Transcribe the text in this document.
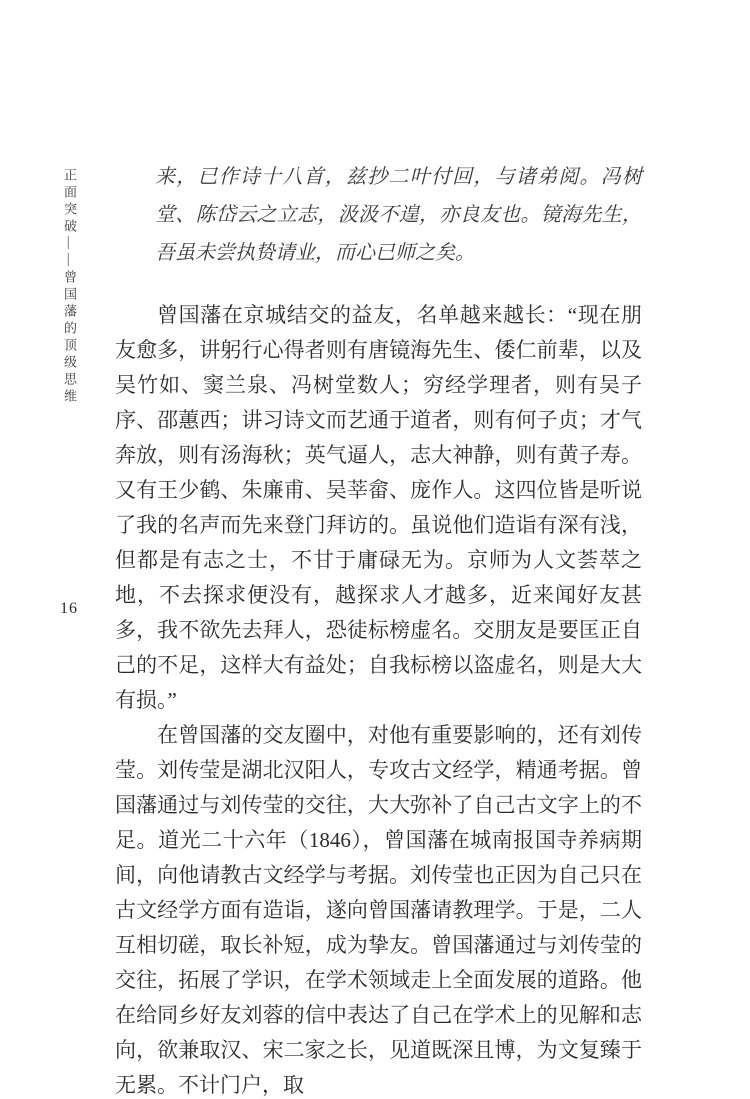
正面突破——曾国藩的顶级思维
16
来，已作诗十八首，兹抄二叶付回，与诸弟阅。冯树堂、陈岱云之立志，汲汲不遑，亦良友也。镜海先生，吾虽未尝执贽请业，而心已师之矣。

曾国藩在京城结交的益友，名单越来越长：“现在朋友愈多，讲躬行心得者则有唐镜海先生、倭仁前辈，以及吴竹如、窦兰泉、冯树堂数人；穷经学理者，则有吴子序、邵蕙西；讲习诗文而艺通于道者，则有何子贞；才气奔放，则有汤海秋；英气逼人，志大神静，则有黄子寿。又有王少鹤、朱廉甫、吴莘畲、庞作人。这四位皆是听说了我的名声而先来登门拜访的。虽说他们造诣有深有浅，但都是有志之士，不甘于庸碌无为。京师为人文荟萃之地，不去探求便没有，越探求人才越多，近来闻好友甚多，我不欲先去拜人，恐徒标榜虚名。交朋友是要匡正自己的不足，这样大有益处；自我标榜以盗虚名，则是大大有损。”

在曾国藩的交友圈中，对他有重要影响的，还有刘传莹。刘传莹是湖北汉阳人，专攻古文经学，精通考据。曾国藩通过与刘传莹的交往，大大弥补了自己古文字上的不足。道光二十六年（1846），曾国藩在城南报国寺养病期间，向他请教古文经学与考据。刘传莹也正因为自己只在古文经学方面有造诣，遂向曾国藩请教理学。于是，二人互相切磋，取长补短，成为挚友。曾国藩通过与刘传莹的交往，拓展了学识，在学术领域走上全面发展的道路。他在给同乡好友刘蓉的信中表达了自己在学术上的见解和志向，欲兼取汉、宋二家之长，见道既深且博，为文复臻于无累。不计门户，取
